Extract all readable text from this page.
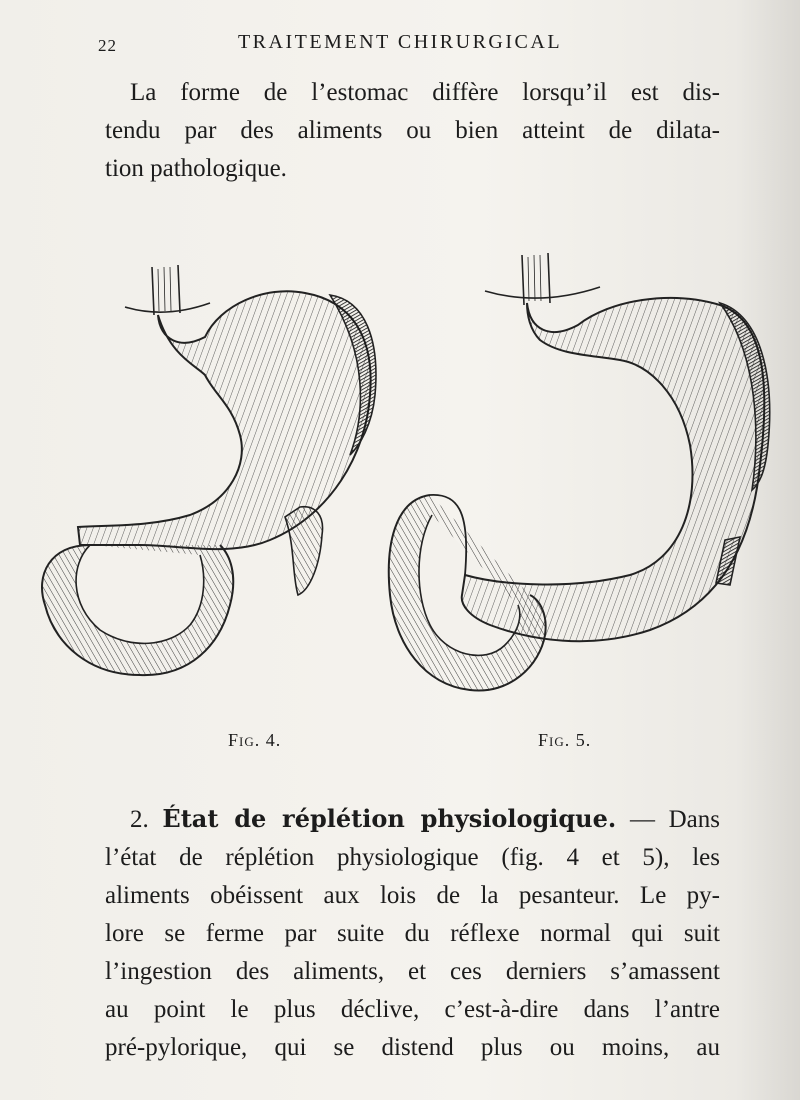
22	TRAITEMENT CHIRURGICAL
La forme de l’estomac diffère lorsqu’il est dis-
tendu par des aliments ou bien atteint de dilata-
tion pathologique.
Fig. 4.	Fig. 5.
2. État de réplétion physiologique. — Dans
l’état de réplétion physiologique (fig. 4 et 5), les
aliments obéissent aux lois de la pesanteur. Le py-
lore se ferme par suite du réflexe normal qui suit
l’ingestion des aliments, et ces derniers s’amassent
au point le plus déclive, c’est-à-dire dans l’antre
pré-pylorique, qui se distend plus ou moins, au
